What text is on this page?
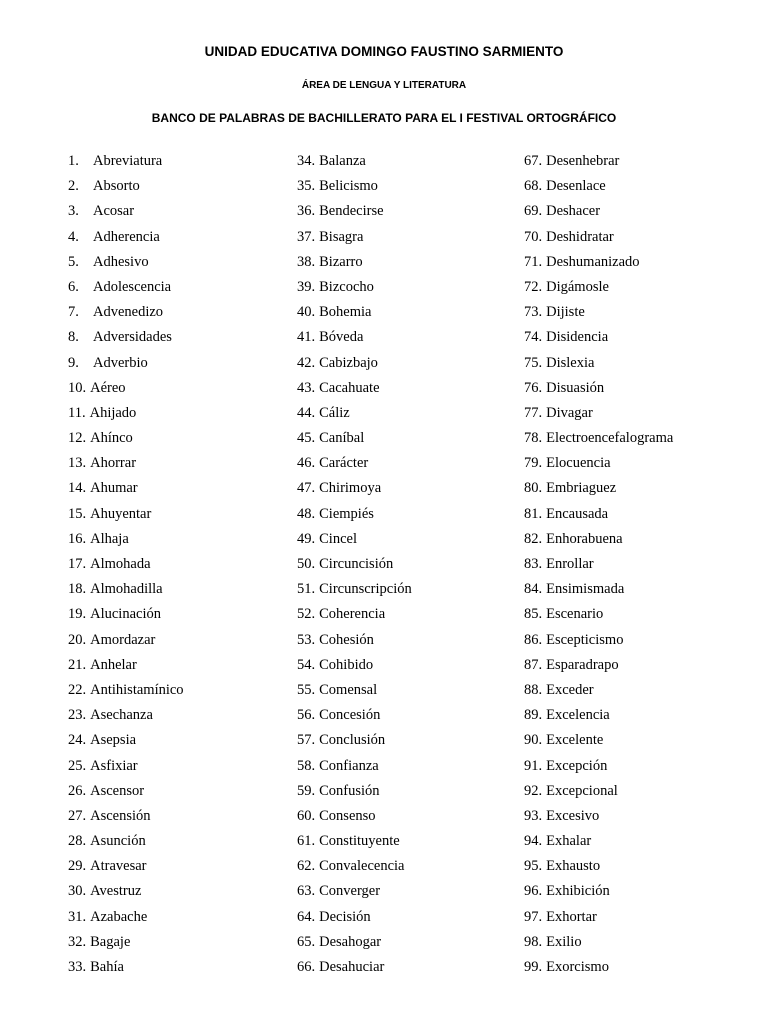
UNIDAD EDUCATIVA DOMINGO FAUSTINO SARMIENTO
ÁREA DE LENGUA Y LITERATURA
BANCO DE PALABRAS DE BACHILLERATO PARA EL I FESTIVAL ORTOGRÁFICO
1. Abreviatura
2. Absorto
3. Acosar
4. Adherencia
5. Adhesivo
6. Adolescencia
7. Advenedizo
8. Adversidades
9. Adverbio
10. Aéreo
11. Ahijado
12. Ahínco
13. Ahorrar
14. Ahumar
15. Ahuyentar
16. Alhaja
17. Almohada
18. Almohadilla
19. Alucinación
20. Amordazar
21. Anhelar
22. Antihistamínico
23. Asechanza
24. Asepsia
25. Asfixiar
26. Ascensor
27. Ascensión
28. Asunción
29. Atravesar
30. Avestruz
31. Azabache
32. Bagaje
33. Bahía
34. Balanza
35. Belicismo
36. Bendecirse
37. Bisagra
38. Bizarro
39. Bizcocho
40. Bohemia
41. Bóveda
42. Cabizbajo
43. Cacahuate
44. Cáliz
45. Caníbal
46. Carácter
47. Chirimoya
48. Ciempiés
49. Cincel
50. Circuncisión
51. Circunscripción
52. Coherencia
53. Cohesión
54. Cohibido
55. Comensal
56. Concesión
57. Conclusión
58. Confianza
59. Confusión
60. Consenso
61. Constituyente
62. Convalecencia
63. Converger
64. Decisión
65. Desahogar
66. Desahuciar
67. Desenhebrar
68. Desenlace
69. Deshacer
70. Deshidratar
71. Deshumanizado
72. Digámosle
73. Dijiste
74. Disidencia
75. Dislexia
76. Disuasión
77. Divagar
78. Electroencefalograma
79. Elocuencia
80. Embriaguez
81. Encausada
82. Enhorabuena
83. Enrollar
84. Ensimismada
85. Escenario
86. Escepticismo
87. Esparadrapo
88. Exceder
89. Excelencia
90. Excelente
91. Excepción
92. Excepcional
93. Excesivo
94. Exhalar
95. Exhausto
96. Exhibición
97. Exhortar
98. Exilio
99. Exorcismo
